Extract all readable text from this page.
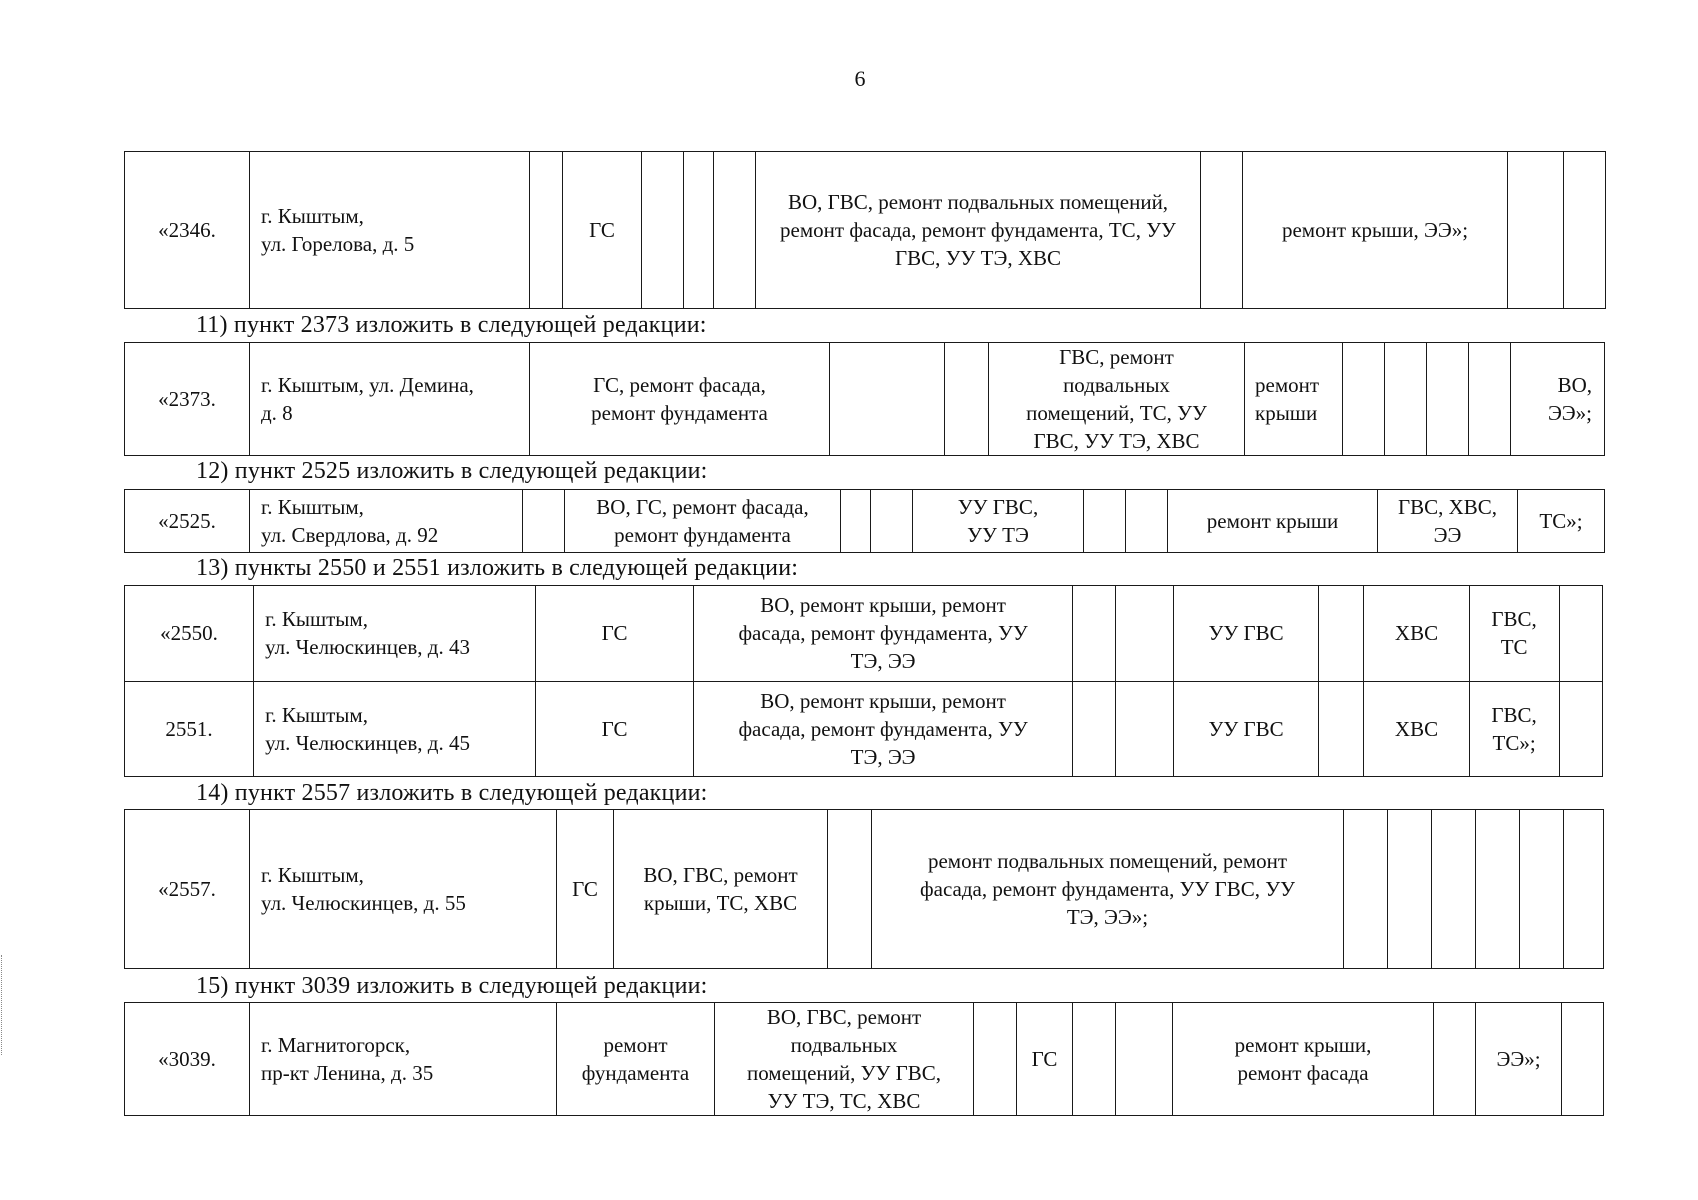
6
«2346.	г. Кыштым,
ул. Горелова, д. 5		ГС				ВО, ГВС, ремонт подвальных помещений, ремонт фасада, ремонт фундамента, ТС, УУ ГВС, УУ ТЭ, ХВС		ремонт крыши, ЭЭ»;		
11) пункт 2373 изложить в следующей редакции:
«2373.	г. Кыштым, ул. Демина,
д. 8	ГС, ремонт фасада,
ремонт фундамента			ГВС, ремонт
подвальных
помещений, ТС, УУ
ГВС, УУ ТЭ, ХВС	ремонт
крыши					ВО,
ЭЭ»;
12) пункт 2525 изложить в следующей редакции:
«2525.	г. Кыштым,
ул. Свердлова, д. 92		ВО, ГС, ремонт фасада,
ремонт фундамента			УУ ГВС,
УУ ТЭ			ремонт крыши	ГВС, ХВС,
ЭЭ	ТС»;
13) пункты 2550 и 2551 изложить в следующей редакции:
«2550.	г. Кыштым,
ул. Челюскинцев, д. 43	ГС	ВО, ремонт крыши, ремонт
фасада, ремонт фундамента, УУ
ТЭ, ЭЭ			УУ ГВС		ХВС	ГВС,
ТС	
2551.	г. Кыштым,
ул. Челюскинцев, д. 45	ГС	ВО, ремонт крыши, ремонт
фасада, ремонт фундамента, УУ
ТЭ, ЭЭ			УУ ГВС		ХВС	ГВС,
ТС»;	
14) пункт 2557 изложить в следующей редакции:
«2557.	г. Кыштым,
ул. Челюскинцев, д. 55	ГС	ВО, ГВС, ремонт
крыши, ТС, ХВС		ремонт подвальных помещений, ремонт
фасада, ремонт фундамента, УУ ГВС, УУ
ТЭ, ЭЭ»;						
15) пункт 3039 изложить в следующей редакции:
«3039.	г. Магнитогорск,
пр-кт Ленина, д. 35	ремонт
фундамента	ВО, ГВС, ремонт
подвальных
помещений, УУ ГВС,
УУ ТЭ, ТС, ХВС		ГС			ремонт крыши,
ремонт фасада		ЭЭ»;	
